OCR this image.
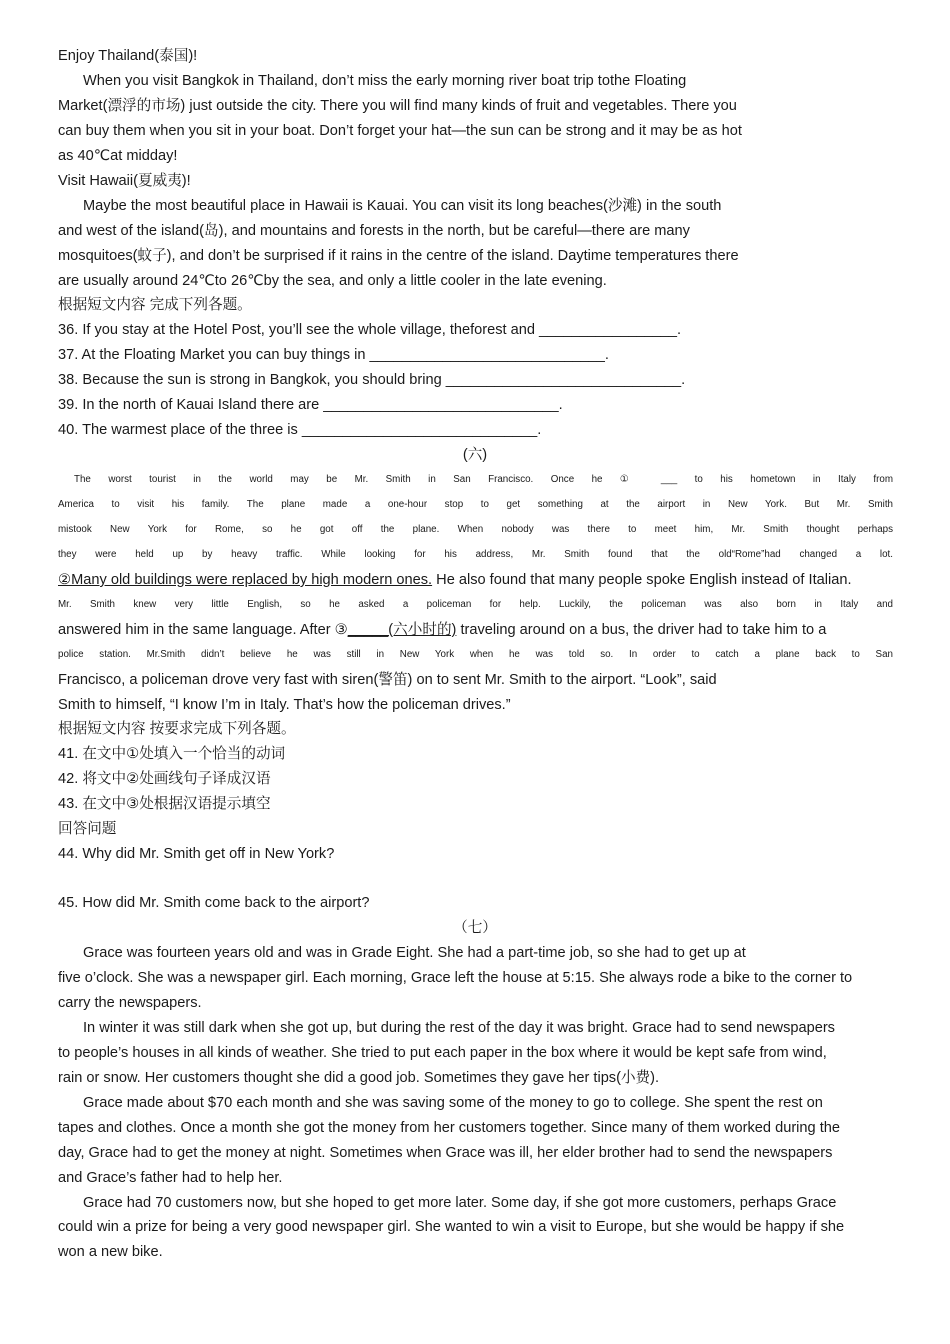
Enjoy Thailand(泰国)!
When you visit Bangkok in Thailand, don’t miss the early morning river boat trip tothe Floating
Market(漂浮的市场) just outside the city. There you will find many kinds of fruit and vegetables. There you
can buy them when you sit in your boat. Don’t forget your hat—the sun can be strong and it may be as hot
as 40℃at midday!
Visit Hawaii(夏威夷)!
Maybe the most beautiful place in Hawaii is Kauai. You can visit its long beaches(沙滩) in the south
and west of the island(岛), and mountains and forests in the north, but be careful—there are many
mosquitoes(蚊子), and don’t be surprised if it rains in the centre of the island. Daytime temperatures there
are usually around 24℃to 26℃by the sea, and only a little cooler in the late evening.
根据短文内容 完成下列各题。
36. If you stay at the Hotel Post, you’ll see the whole village, theforest and _________________.
37. At the Floating Market you can buy things in _____________________________.
38. Because the sun is strong in Bangkok, you should bring _____________________________.
39. In the north of Kauai Island there are _____________________________.
40. The warmest place of the three is _____________________________.
(六)
The worst tourist in the world may be Mr. Smith in San Francisco. Once he ① ___ to his hometown in Italy from
America to visit his family. The plane made a one-hour stop to get something at the airport in New York. But Mr. Smith
mistook New York for Rome, so he got off the plane. When nobody was there to meet him, Mr. Smith thought perhaps
they were held up by heavy traffic. While looking for his address, Mr. Smith found that the old“Rome”had changed a lot.
②Many old buildings were replaced by high modern ones. He also found that many people spoke English instead of Italian.
Mr. Smith knew very little English, so he asked a policeman for help. Luckily, the policeman was also born in Italy and
answered him in the same language. After ③_____(六小时的) traveling around on a bus, the driver had to take him to a
police station. Mr.Smith didn’t believe he was still in New York when he was told so. In order to catch a plane back to San
Francisco, a policeman drove very fast with siren(警笛) on to sent Mr. Smith to the airport. “Look”, said
Smith to himself, “I know I’m in Italy. That’s how the policeman drives.”
根据短文内容 按要求完成下列各题。
41. 在文中①处填入一个恰当的动词
42. 将文中②处画线句子译成汉语
43. 在文中③处根据汉语提示填空
回答问题
44. Why did Mr. Smith get off in New York?
45. How did Mr. Smith come back to the airport?
（七）
Grace was fourteen years old and was in Grade Eight. She had a part-time job, so she had to get up at
five o’clock. She was a newspaper girl. Each morning, Grace left the house at 5:15. She always rode a bike to the corner to
carry the newspapers.
In winter it was still dark when she got up, but during the rest of the day it was bright. Grace had to send newspapers
to people’s houses in all kinds of weather. She tried to put each paper in the box where it would be kept safe from wind,
rain or snow. Her customers thought she did a good job. Sometimes they gave her tips(小费).
Grace made about $70 each month and she was saving some of the money to go to college. She spent the rest on
tapes and clothes. Once a month she got the money from her customers together. Since many of them worked during the
day, Grace had to get the money at night. Sometimes when Grace was ill, her elder brother had to send the newspapers
and Grace’s father had to help her.
Grace had 70 customers now, but she hoped to get more later. Some day, if she got more customers, perhaps Grace
could win a prize for being a very good newspaper girl. She wanted to win a visit to Europe, but she would be happy if she
won a new bike.
